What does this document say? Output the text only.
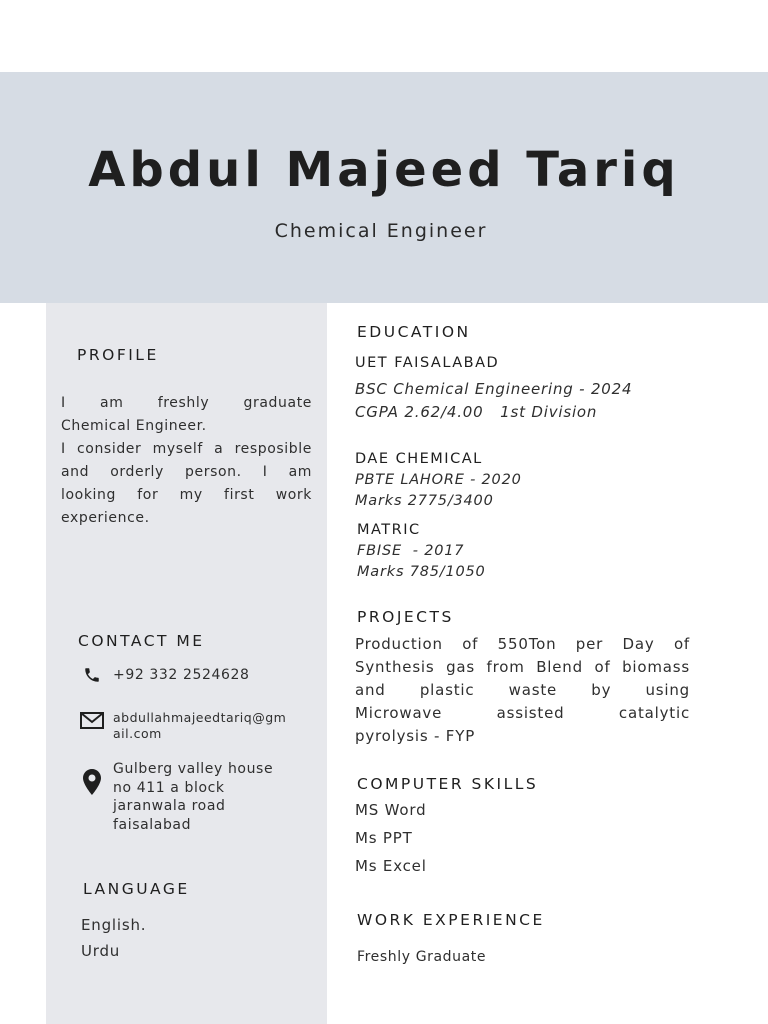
Abdul Majeed Tariq
Chemical Engineer
PROFILE
I am freshly graduate
Chemical Engineer.
I consider myself a resposible
and orderly person. I am
looking for my first work
experience.
CONTACT ME
+92 332 2524628
abdullahmajeedtariq@gm
ail.com
Gulberg valley house
no 411 a block
jaranwala road
faisalabad
LANGUAGE
English.
Urdu
EDUCATION
UET FAISALABAD
BSC Chemical Engineering - 2024
CGPA 2.62/4.00   1st Division
DAE CHEMICAL
PBTE LAHORE - 2020
Marks 2775/3400
MATRIC
FBISE  - 2017
Marks 785/1050
PROJECTS
Production of 550Ton per Day of
Synthesis gas from Blend of biomass
and plastic waste by using
Microwave assisted catalytic
pyrolysis - FYP
COMPUTER SKILLS
MS Word
Ms PPT
Ms Excel
WORK EXPERIENCE
Freshly Graduate
